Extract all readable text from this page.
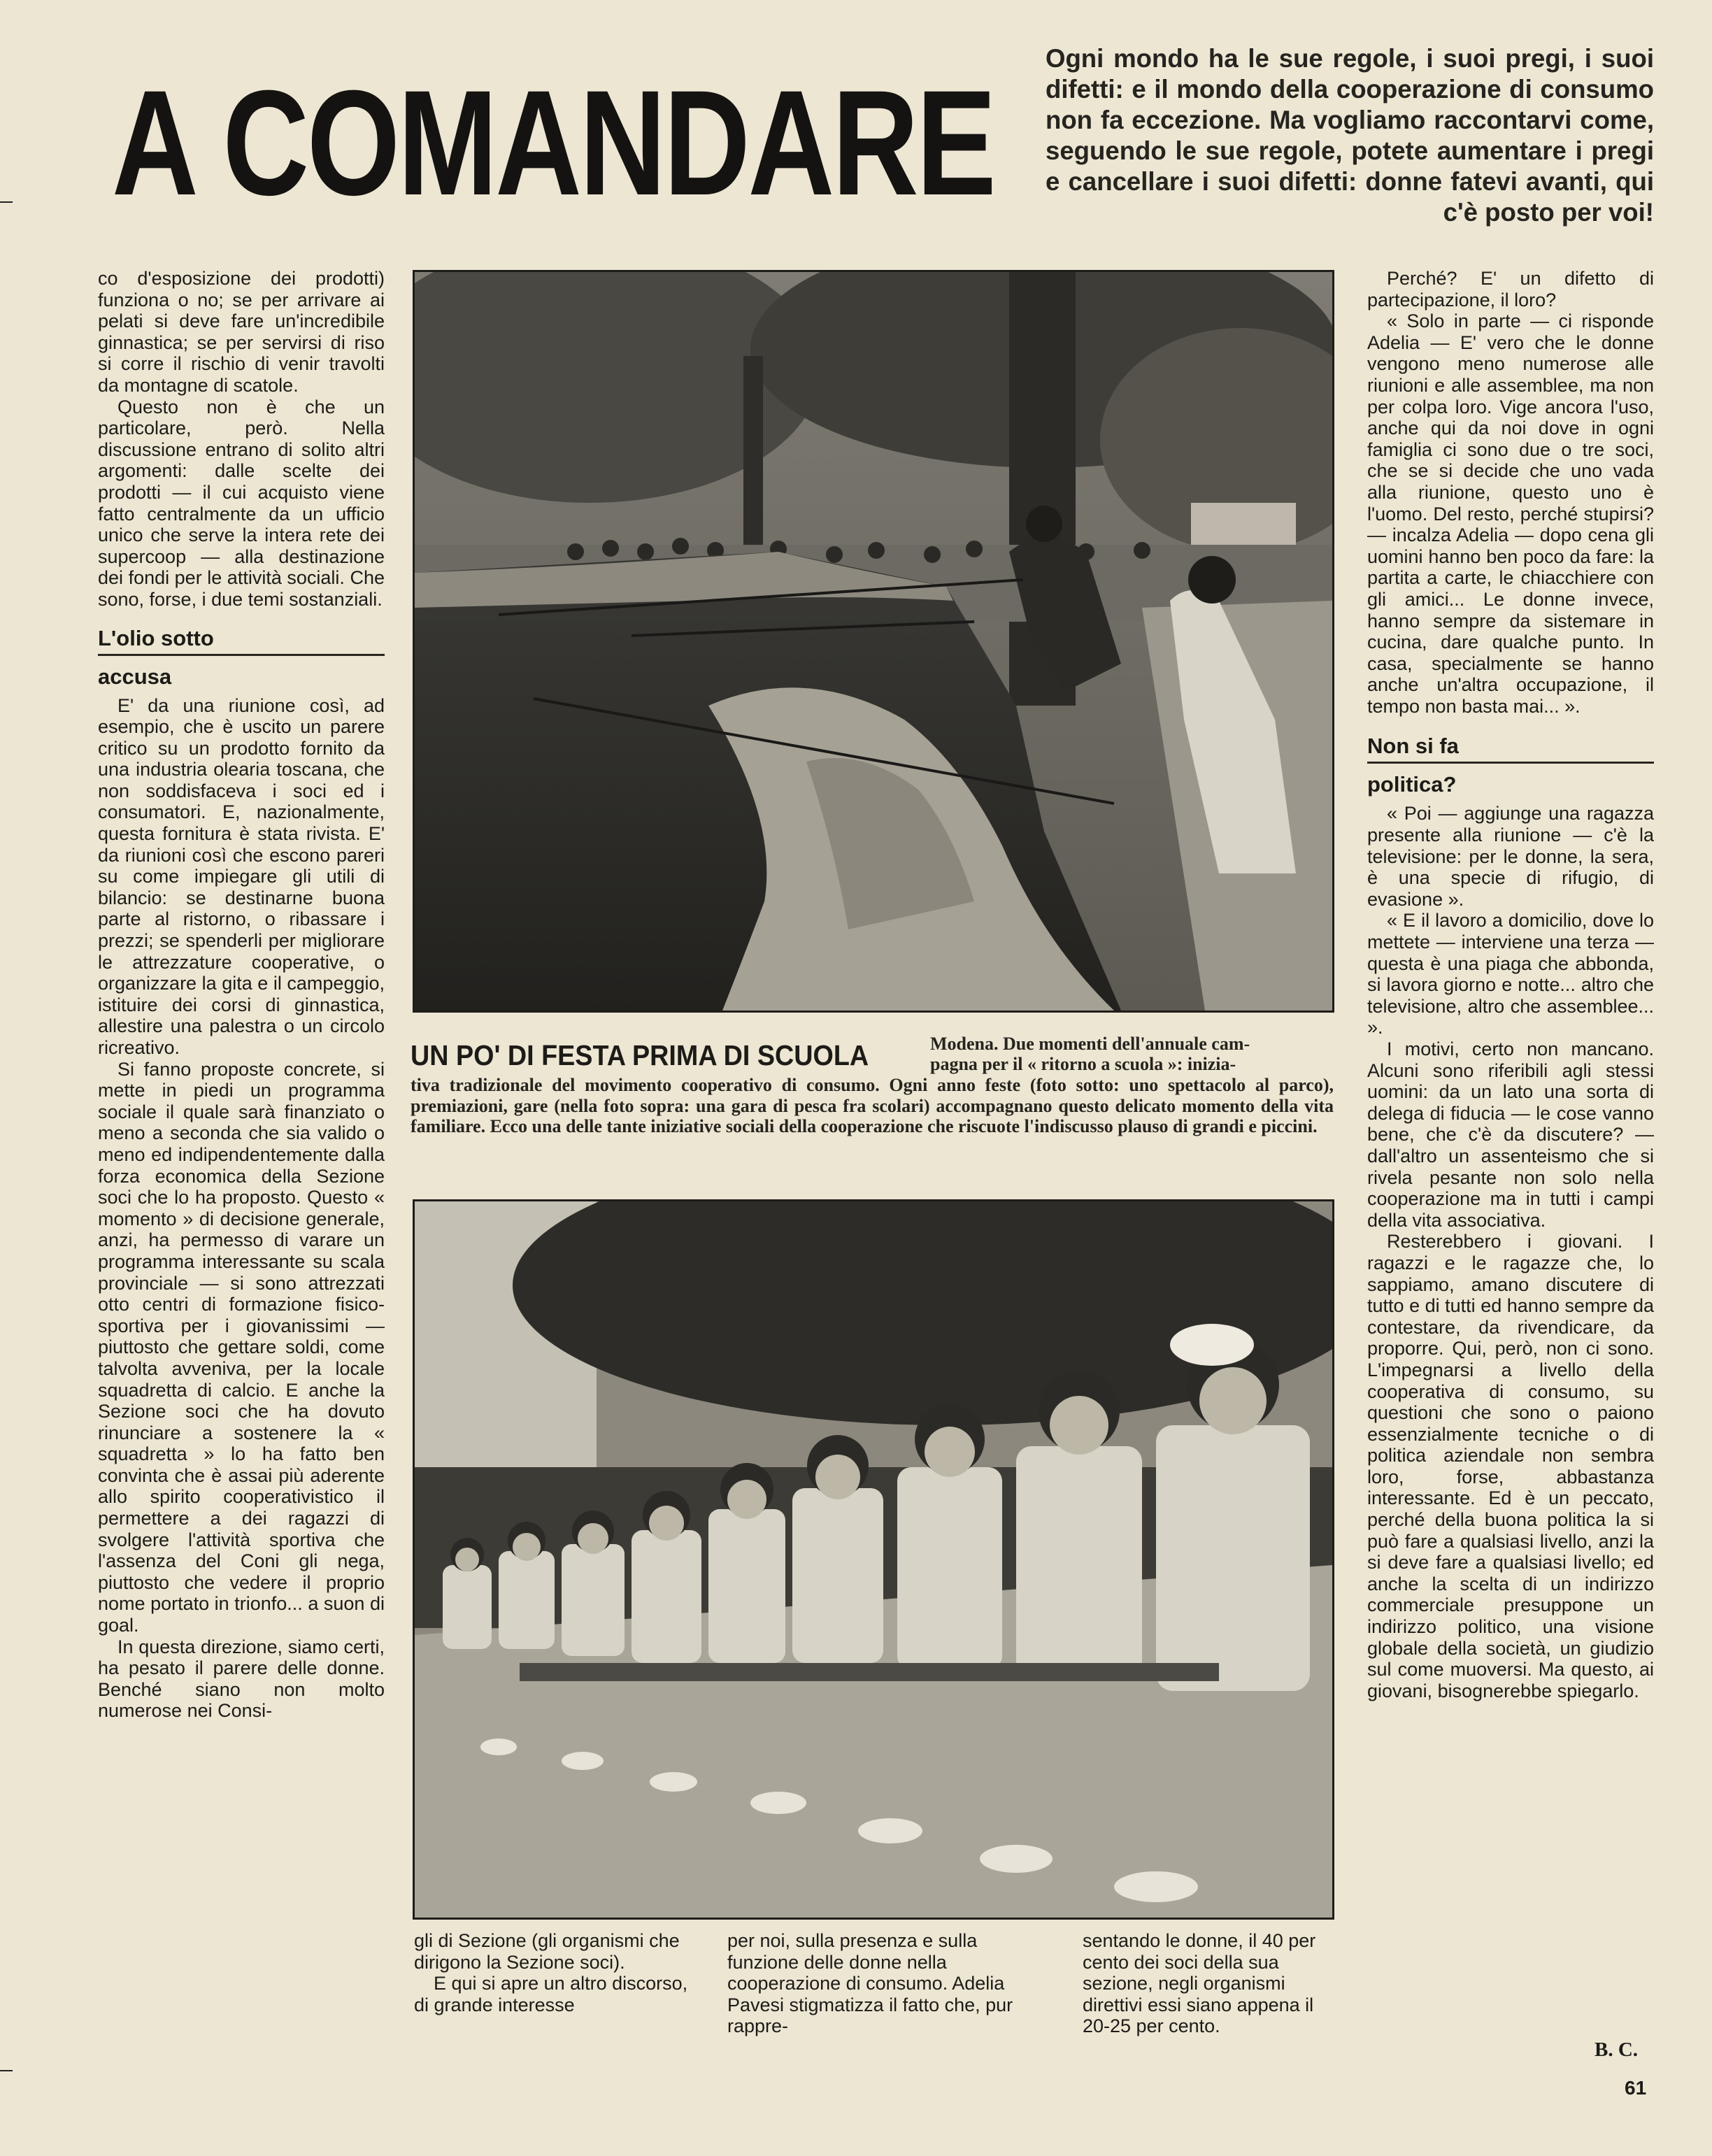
A COMANDARE
Ogni mondo ha le sue regole, i suoi pregi, i suoi difetti: e il mondo della cooperazione di consumo non fa eccezione. Ma vogliamo raccontarvi come, seguendo le sue regole, potete aumentare i pregi e cancellare i suoi difetti: donne fatevi avanti, qui c'è posto per voi!

co d'esposizione dei prodotti) funziona o no; se per arrivare ai pelati si deve fare un'incredibile ginnastica; se per servirsi di riso si corre il rischio di venir travolti da montagne di scatole.

Questo non è che un particolare, però. Nella discussione entrano di solito altri argomenti: dalle scelte dei prodotti — il cui acquisto viene fatto centralmente da un ufficio unico che serve la intera rete dei supercoop — alla destinazione dei fondi per le attività sociali. Che sono, forse, i due temi sostanziali.

L'olio sotto
accusa

E' da una riunione così, ad esempio, che è uscito un parere critico su un prodotto fornito da una industria olearia toscana, che non soddisfaceva i soci ed i consumatori. E, nazionalmente, questa fornitura è stata rivista. E' da riunioni così che escono pareri su come impiegare gli utili di bilancio: se destinarne buona parte al ristorno, o ribassare i prezzi; se spenderli per migliorare le attrezzature cooperative, o organizzare la gita e il campeggio, istituire dei corsi di ginnastica, allestire una palestra o un circolo ricreativo.

Si fanno proposte concrete, si mette in piedi un programma sociale il quale sarà finanziato o meno a seconda che sia valido o meno ed indipendentemente dalla forza economica della Sezione soci che lo ha proposto. Questo « momento » di decisione generale, anzi, ha permesso di varare un programma interessante su scala provinciale — si sono attrezzati otto centri di formazione fisico-sportiva per i giovanissimi — piuttosto che gettare soldi, come talvolta avveniva, per la locale squadretta di calcio. E anche la Sezione soci che ha dovuto rinunciare a sostenere la « squadretta » lo ha fatto ben convinta che è assai più aderente allo spirito cooperativistico il permettere a dei ragazzi di svolgere l'attività sportiva che l'assenza del Coni gli nega, piuttosto che vedere il proprio nome portato in trionfo... a suon di goal.

In questa direzione, siamo certi, ha pesato il parere delle donne. Benché siano non molto numerose nei Consi-

UN PO' DI FESTA PRIMA DI SCUOLA	Modena. Due momenti dell'annuale cam-
pagna per il « ritorno a scuola »: inizia-
tiva tradizionale del movimento cooperativo di consumo. Ogni anno feste (foto sotto: uno spettacolo al parco), premiazioni, gare (nella foto sopra: una gara di pesca fra scolari) accompagnano questo delicato momento della vita familiare. Ecco una delle tante iniziative sociali della cooperazione che riscuote l'indiscusso plauso di grandi e piccini.

gli di Sezione (gli organismi che dirigono la Sezione soci).

E qui si apre un altro discorso, di grande interesse

per noi, sulla presenza e sulla funzione delle donne nella cooperazione di consumo. Adelia Pavesi stigmatizza il fatto che, pur rappre-

sentando le donne, il 40 per cento dei soci della sua sezione, negli organismi direttivi essi siano appena il 20-25 per cento.

Perché? E' un difetto di partecipazione, il loro?

« Solo in parte — ci risponde Adelia — E' vero che le donne vengono meno numerose alle riunioni e alle assemblee, ma non per colpa loro. Vige ancora l'uso, anche qui da noi dove in ogni famiglia ci sono due o tre soci, che se si decide che uno vada alla riunione, questo uno è l'uomo. Del resto, perché stupirsi? — incalza Adelia — dopo cena gli uomini hanno ben poco da fare: la partita a carte, le chiacchiere con gli amici... Le donne invece, hanno sempre da sistemare in cucina, dare qualche punto. In casa, specialmente se hanno anche un'altra occupazione, il tempo non basta mai... ».

Non si fa
politica?

« Poi — aggiunge una ragazza presente alla riunione — c'è la televisione: per le donne, la sera, è una specie di rifugio, di evasione ».

« E il lavoro a domicilio, dove lo mettete — interviene una terza — questa è una piaga che abbonda, si lavora giorno e notte... altro che televisione, altro che assemblee... ».

I motivi, certo non mancano. Alcuni sono riferibili agli stessi uomini: da un lato una sorta di delega di fiducia — le cose vanno bene, che c'è da discutere? — dall'altro un assenteismo che si rivela pesante non solo nella cooperazione ma in tutti i campi della vita associativa.

Resterebbero i giovani. I ragazzi e le ragazze che, lo sappiamo, amano discutere di tutto e di tutti ed hanno sempre da contestare, da rivendicare, da proporre. Qui, però, non ci sono. L'impegnarsi a livello della cooperativa di consumo, su questioni che sono o paiono essenzialmente tecniche o di politica aziendale non sembra loro, forse, abbastanza interessante. Ed è un peccato, perché della buona politica la si può fare a qualsiasi livello, anzi la si deve fare a qualsiasi livello; ed anche la scelta di un indirizzo commerciale presuppone un indirizzo politico, una visione globale della società, un giudizio sul come muoversi. Ma questo, ai giovani, bisognerebbe spiegarlo.

B. C.
61
